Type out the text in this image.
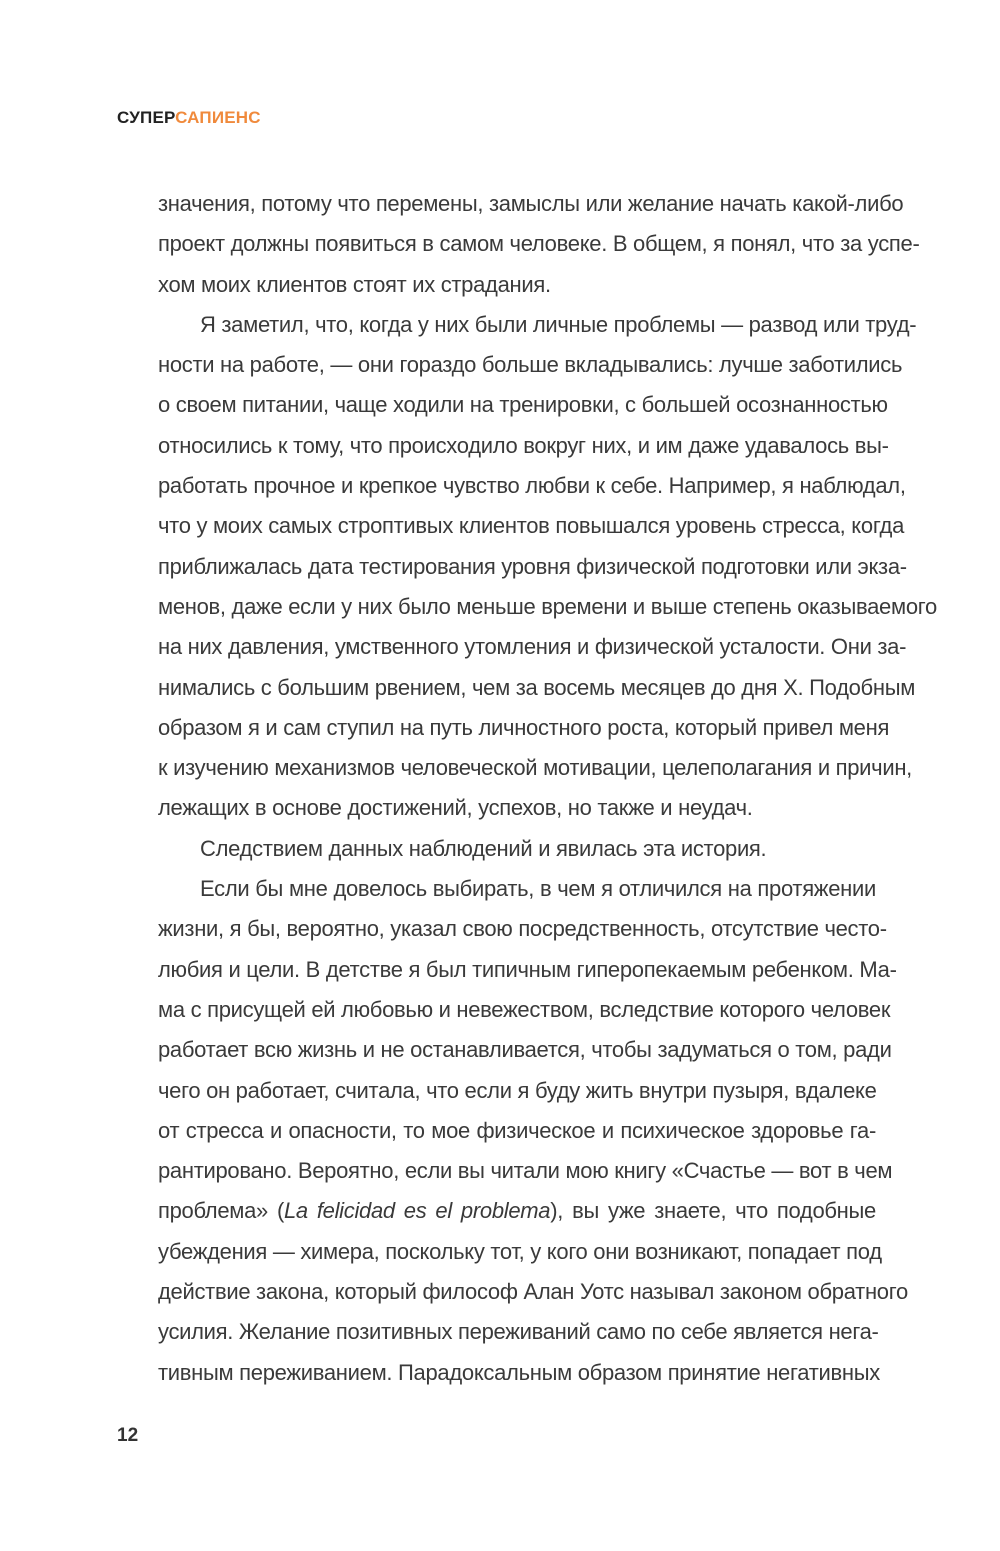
СУПЕРСАПИЕНС
значения, потому что перемены, замыслы или желание начать какой-либо
проект должны появиться в самом человеке. В общем, я понял, что за успе-
хом моих клиентов стоят их страдания.
Я заметил, что, когда у них были личные проблемы — развод или труд-
ности на работе, — они гораздо больше вкладывались: лучше заботились
о своем питании, чаще ходили на тренировки, с большей осознанностью
относились к тому, что происходило вокруг них, и им даже удавалось вы-
работать прочное и крепкое чувство любви к себе. Например, я наблюдал,
что у моих самых строптивых клиентов повышался уровень стресса, когда
приближалась дата тестирования уровня физической подготовки или экза-
менов, даже если у них было меньше времени и выше степень оказываемого
на них давления, умственного утомления и физической усталости. Они за-
нимались с большим рвением, чем за восемь месяцев до дня Х. Подобным
образом я и сам ступил на путь личностного роста, который привел меня
к изучению механизмов человеческой мотивации, целеполагания и причин,
лежащих в основе достижений, успехов, но также и неудач.
Следствием данных наблюдений и явилась эта история.
Если бы мне довелось выбирать, в чем я отличился на протяжении
жизни, я бы, вероятно, указал свою посредственность, отсутствие често-
любия и цели. В детстве я был типичным гиперопекаемым ребенком. Ма-
ма с присущей ей любовью и невежеством, вследствие которого человек
работает всю жизнь и не останавливается, чтобы задуматься о том, ради
чего он работает, считала, что если я буду жить внутри пузыря, вдалеке
от стресса и опасности, то мое физическое и психическое здоровье га-
рантировано. Вероятно, если вы читали мою книгу «Счастье — вот в чем
проблема» (La felicidad es el problema), вы уже знаете, что подобные
убеждения — химера, поскольку тот, у кого они возникают, попадает под
действие закона, который философ Алан Уотс называл законом обратного
усилия. Желание позитивных переживаний само по себе является нега-
тивным переживанием. Парадоксальным образом принятие негативных
12
